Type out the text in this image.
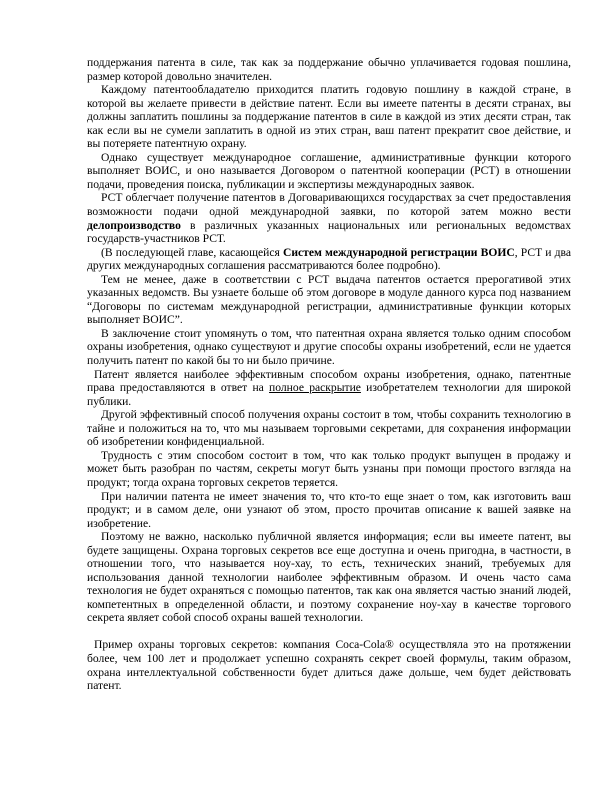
поддержания патента в силе, так как за поддержание обычно уплачивается годовая пошлина, размер которой довольно значителен.

Каждому патентообладателю приходится платить годовую пошлину в каждой стране, в которой вы желаете привести в действие патент. Если вы имеете патенты в десяти странах, вы должны заплатить пошлины за поддержание патентов в силе в каждой из этих десяти стран, так как если вы не сумели заплатить в одной из этих стран, ваш патент прекратит свое действие, и вы потеряете патентную охрану.

Однако существует международное соглашение, административные функции которого выполняет ВОИС, и оно называется Договором о патентной кооперации (РСТ) в отношении подачи, проведения поиска, публикации и экспертизы международных заявок.

РСТ облегчает получение патентов в Договаривающихся государствах за счет предоставления возможности подачи одной международной заявки, по которой затем можно вести делопроизводство в различных указанных национальных или региональных ведомствах государств-участников РСТ.

(В последующей главе, касающейся Систем международной регистрации ВОИС, РСТ и два других международных соглашения рассматриваются более подробно).

Тем не менее, даже в соответствии с РСТ выдача патентов остается прерогативой этих указанных ведомств. Вы узнаете больше об этом договоре в модуле данного курса под названием “Договоры по системам международной регистрации, административные функции которых выполняет ВОИС”.

В заключение стоит упомянуть о том, что патентная охрана является только одним способом охраны изобретения, однако существуют и другие способы охраны изобретений, если не удается получить патент по какой бы то ни было причине.

Патент является наиболее эффективным способом охраны изобретения, однако, патентные права предоставляются в ответ на полное раскрытие изобретателем технологии для широкой публики.

Другой эффективный способ получения охраны состоит в том, чтобы сохранить технологию в тайне и положиться на то, что мы называем торговыми секретами, для сохранения информации об изобретении конфиденциальной.

Трудность с этим способом состоит в том, что как только продукт выпущен в продажу и может быть разобран по частям, секреты могут быть узнаны при помощи простого взгляда на продукт; тогда охрана торговых секретов теряется.

При наличии патента не имеет значения то, что кто-то еще знает о том, как изготовить ваш продукт; и в самом деле, они узнают об этом, просто прочитав описание к вашей заявке на изобретение.

Поэтому не важно, насколько публичной является информация; если вы имеете патент, вы будете защищены. Охрана торговых секретов все еще доступна и очень пригодна, в частности, в отношении того, что называется ноу-хау, то есть, технических знаний, требуемых для использования данной технологии наиболее эффективным образом. И очень часто сама технология не будет охраняться с помощью патентов, так как она является частью знаний людей, компетентных в определенной области, и поэтому сохранение ноу-хау в качестве торгового секрета являет собой способ охраны вашей технологии.

Пример охраны торговых секретов: компания Coca-Cola® осуществляла это на протяжении более, чем 100 лет и продолжает успешно сохранять секрет своей формулы, таким образом, охрана интеллектуальной собственности будет длиться даже дольше, чем будет действовать патент.
